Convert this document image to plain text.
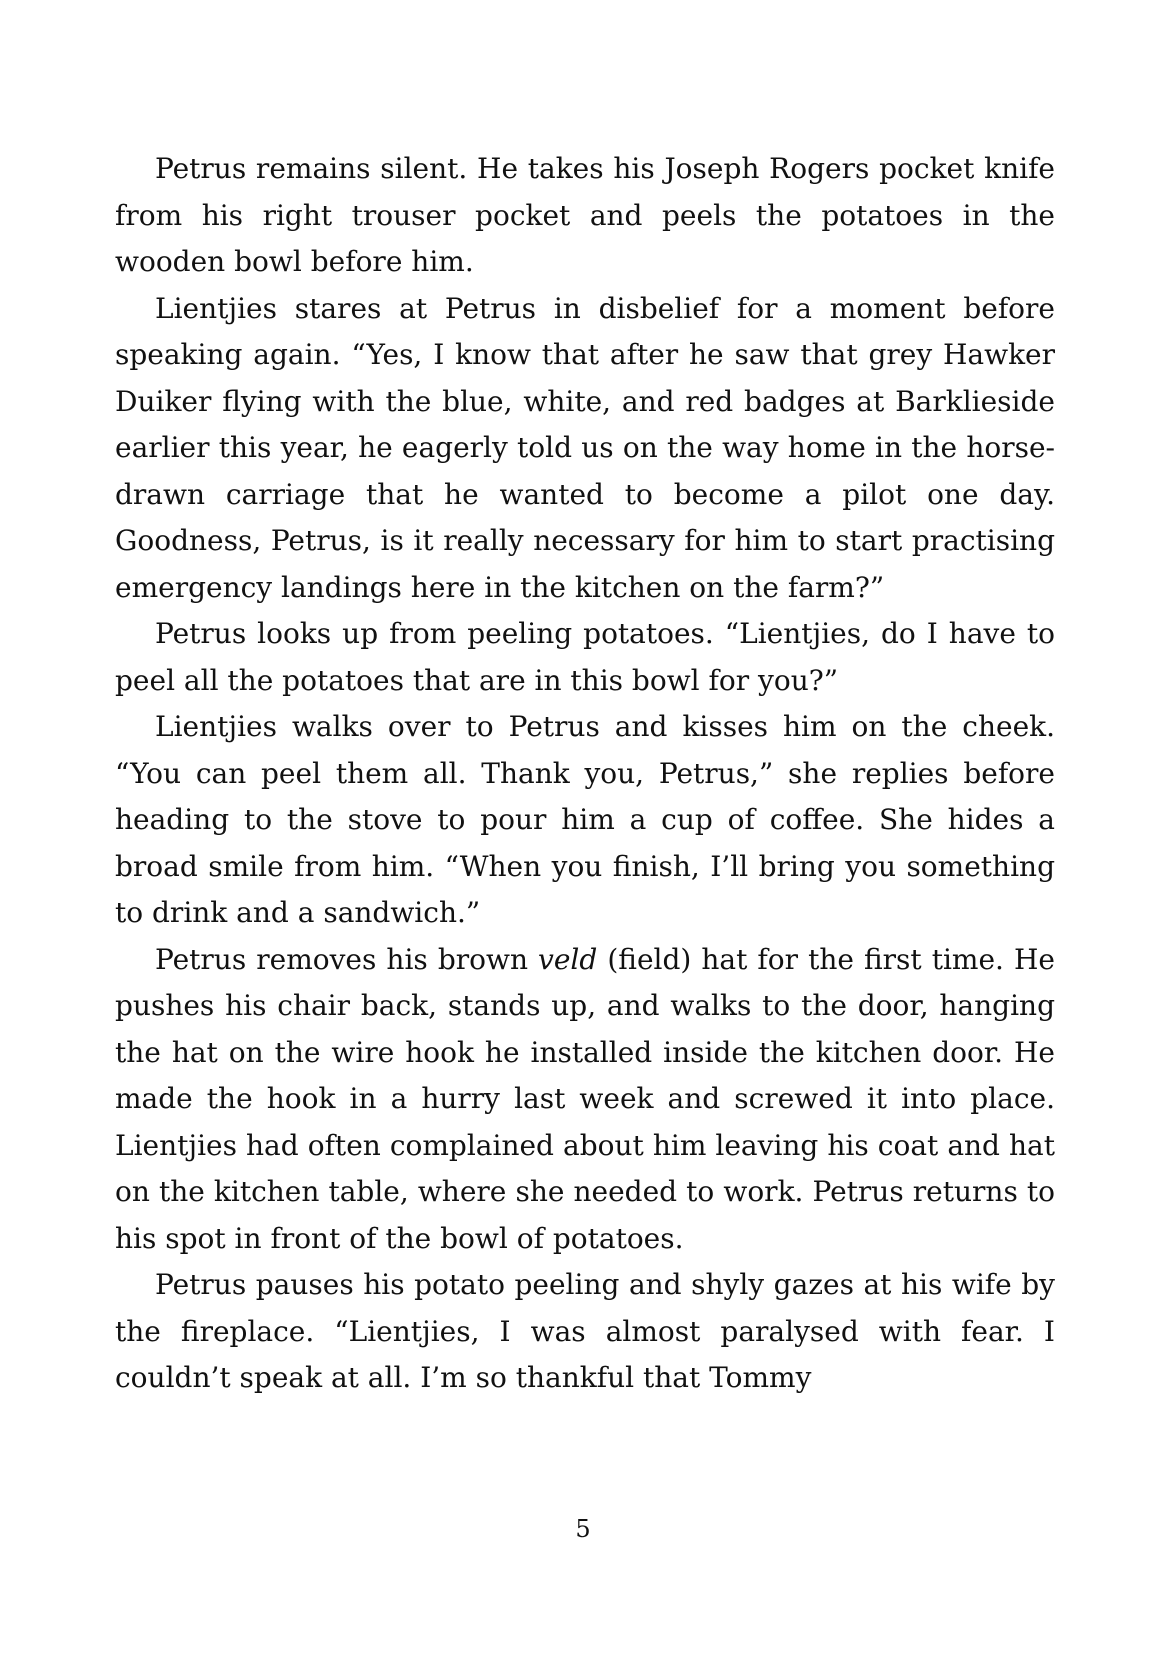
Petrus remains silent. He takes his Joseph Rogers pocket knife from his right trouser pocket and peels the potatoes in the wooden bowl before him.

Lientjies stares at Petrus in disbelief for a moment before speaking again. “Yes, I know that after he saw that grey Hawker Duiker flying with the blue, white, and red badges at Barklieside earlier this year, he eagerly told us on the way home in the horse-drawn carriage that he wanted to become a pilot one day. Goodness, Petrus, is it really necessary for him to start practising emergency landings here in the kitchen on the farm?”

Petrus looks up from peeling potatoes. “Lientjies, do I have to peel all the potatoes that are in this bowl for you?”

Lientjies walks over to Petrus and kisses him on the cheek. “You can peel them all. Thank you, Petrus,” she replies before heading to the stove to pour him a cup of coffee. She hides a broad smile from him. “When you finish, I’ll bring you something to drink and a sandwich.”

Petrus removes his brown veld (field) hat for the first time. He pushes his chair back, stands up, and walks to the door, hanging the hat on the wire hook he installed inside the kitchen door. He made the hook in a hurry last week and screwed it into place. Lientjies had often complained about him leaving his coat and hat on the kitchen table, where she needed to work. Petrus returns to his spot in front of the bowl of potatoes.

Petrus pauses his potato peeling and shyly gazes at his wife by the fireplace. “Lientjies, I was almost paralysed with fear. I couldn’t speak at all. I’m so thankful that Tommy

5
